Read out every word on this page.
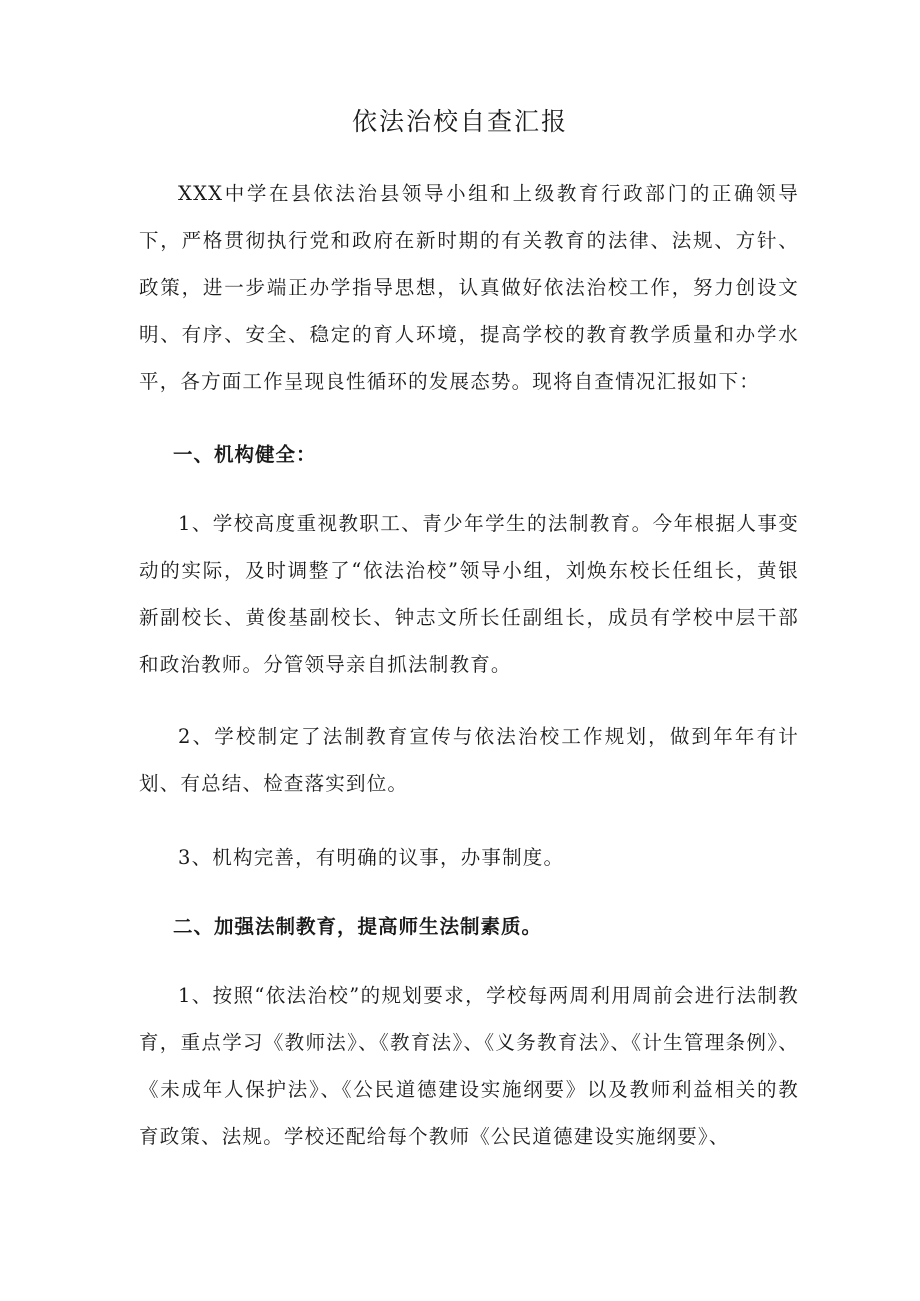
依法治校自查汇报

XXX中学在县依法治县领导小组和上级教育行政部门的正确领导下，严格贯彻执行党和政府在新时期的有关教育的法律、法规、方针、政策，进一步端正办学指导思想，认真做好依法治校工作，努力创设文明、有序、安全、稳定的育人环境，提高学校的教育教学质量和办学水平，各方面工作呈现良性循环的发展态势。现将自查情况汇报如下：

一、机构健全：

1、学校高度重视教职工、青少年学生的法制教育。今年根据人事变动的实际，及时调整了“依法治校”领导小组，刘焕东校长任组长，黄银新副校长、黄俊基副校长、钟志文所长任副组长，成员有学校中层干部和政治教师。分管领导亲自抓法制教育。

2、学校制定了法制教育宣传与依法治校工作规划，做到年年有计划、有总结、检查落实到位。

3、机构完善，有明确的议事，办事制度。

二、加强法制教育，提高师生法制素质。

1、按照“依法治校”的规划要求，学校每两周利用周前会进行法制教育，重点学习《教师法》、《教育法》、《义务教育法》、《计生管理条例》、《未成年人保护法》、《公民道德建设实施纲要》以及教师利益相关的教育政策、法规。学校还配给每个教师《公民道德建设实施纲要》、
